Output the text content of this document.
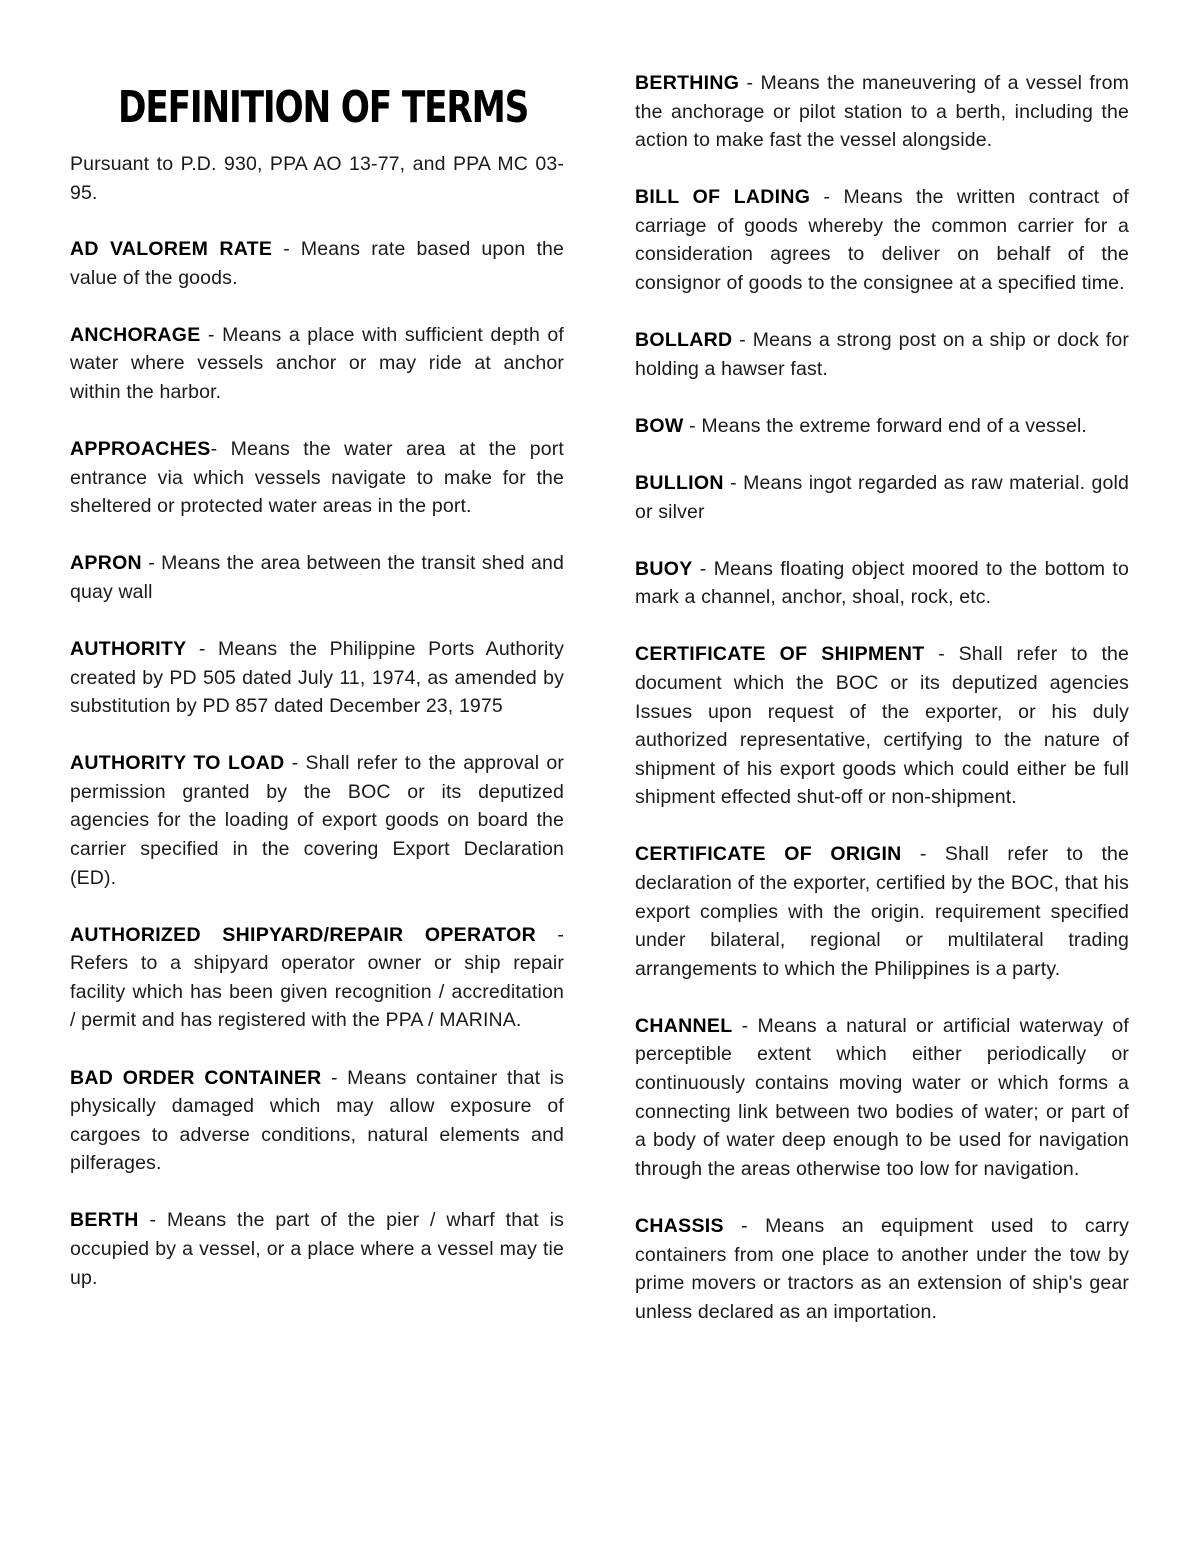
DEFINITION OF TERMS

Pursuant to P.D. 930, PPA AO 13-77, and PPA MC 03-95.

AD VALOREM RATE - Means rate based upon the value of the goods.

ANCHORAGE - Means a place with sufficient depth of water where vessels anchor or may ride at anchor within the harbor.

APPROACHES- Means the water area at the port entrance via which vessels navigate to make for the sheltered or protected water areas in the port.

APRON - Means the area between the transit shed and quay wall

AUTHORITY - Means the Philippine Ports Authority created by PD 505 dated July 11, 1974, as amended by substitution by PD 857 dated December 23, 1975

AUTHORITY TO LOAD - Shall refer to the approval or permission granted by the BOC or its deputized agencies for the loading of export goods on board the carrier specified in the covering Export Declaration (ED).

AUTHORIZED SHIPYARD/REPAIR OPERATOR - Refers to a shipyard operator owner or ship repair facility which has been given recognition / accreditation / permit and has registered with the PPA / MARINA.

BAD ORDER CONTAINER - Means container that is physically damaged which may allow exposure of cargoes to adverse conditions, natural elements and pilferages.

BERTH - Means the part of the pier / wharf that is occupied by a vessel, or a place where a vessel may tie up.

BERTHING - Means the maneuvering of a vessel from the anchorage or pilot station to a berth, including the action to make fast the vessel alongside.

BILL OF LADING - Means the written contract of carriage of goods whereby the common carrier for a consideration agrees to deliver on behalf of the consignor of goods to the consignee at a specified time.

BOLLARD - Means a strong post on a ship or dock for holding a hawser fast.

BOW - Means the extreme forward end of a vessel.

BULLION - Means ingot regarded as raw material. gold or silver

BUOY - Means floating object moored to the bottom to mark a channel, anchor, shoal, rock, etc.

CERTIFICATE OF SHIPMENT - Shall refer to the document which the BOC or its deputized agencies Issues upon request of the exporter, or his duly authorized representative, certifying to the nature of shipment of his export goods which could either be full shipment effected shut-off or non-shipment.

CERTIFICATE OF ORIGIN - Shall refer to the declaration of the exporter, certified by the BOC, that his export complies with the origin. requirement specified under bilateral, regional or multilateral trading arrangements to which the Philippines is a party.

CHANNEL - Means a natural or artificial waterway of perceptible extent which either periodically or continuously contains moving water or which forms a connecting link between two bodies of water; or part of a body of water deep enough to be used for navigation through the areas otherwise too low for navigation.

CHASSIS - Means an equipment used to carry containers from one place to another under the tow by prime movers or tractors as an extension of ship's gear unless declared as an importation.
